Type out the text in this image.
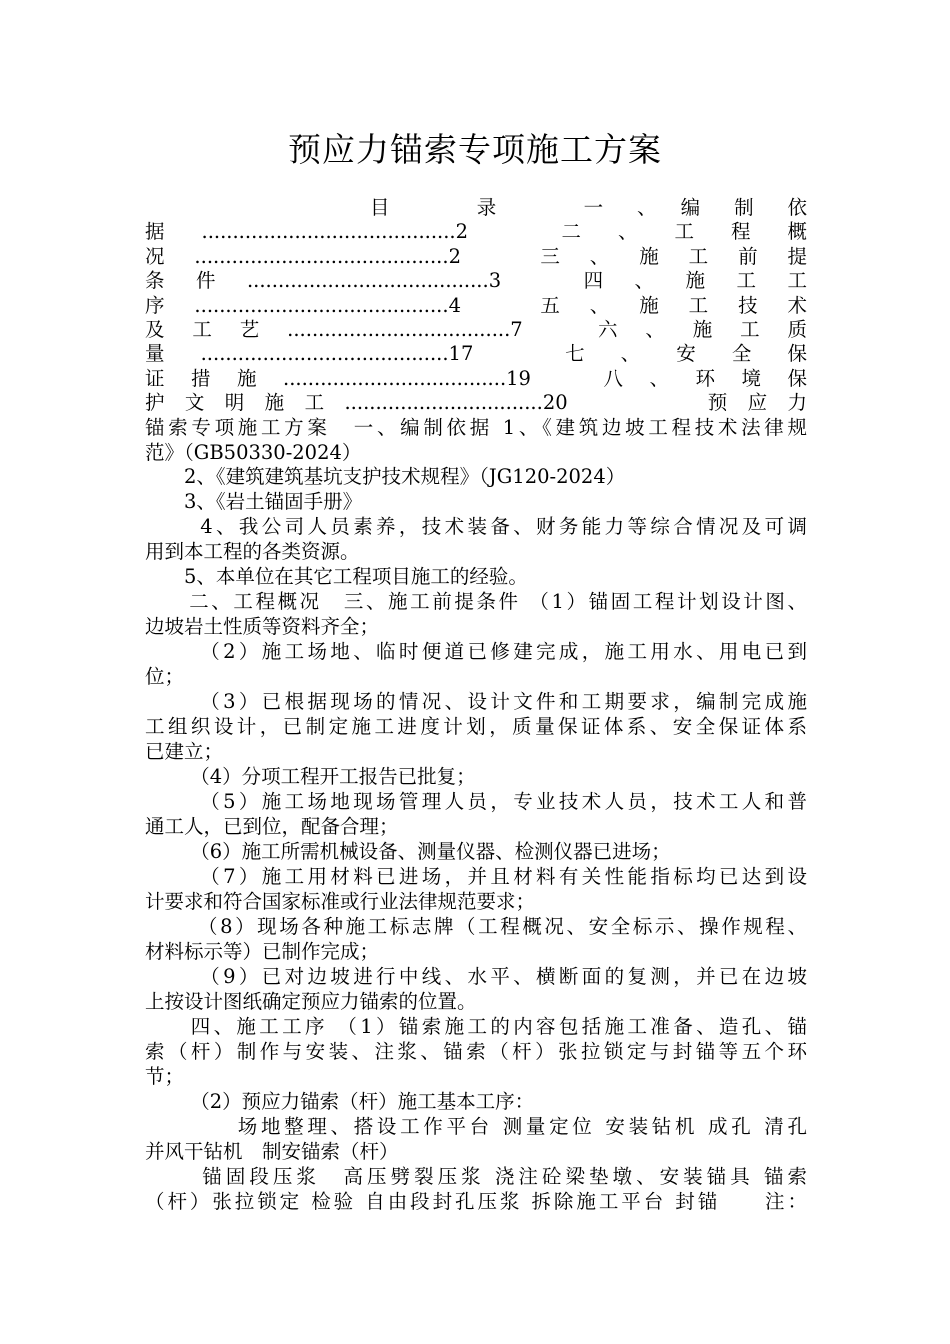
预应力锚索专项施工方案
目　　　录　　　一　、　编　制　依
据.........................................2　二、工程概
况.........................................2　三、施工前提
条件.......................................3　四、施工工
序.........................................4　五、施工技术
及工艺....................................7　六、施工质
量........................................17　七、安全保
证措施....................................19　八、环境保
护文明施工................................20　　　预应力
锚索专项施工方案　一、编制依据 1、《建筑边坡工程技术法律规
范》（GB50330-2024）
　　2、《建筑建筑基坑支护技术规程》（JG120-2024）
　　3、《岩土锚固手册》
　　 4、我公司人员素养，技术装备、财务能力等综合情况及可调
用到本工程的各类资源。
　　5、本单位在其它工程项目施工的经验。
　　二、工程概况　三、施工前提条件 （1）锚固工程计划设计图、
边坡岩土性质等资料齐全；
　　 （2）施工场地、临时便道已修建完成，施工用水、用电已到
位；
　　 （3）已根据现场的情况、设计文件和工期要求，编制完成施
工组织设计，已制定施工进度计划，质量保证体系、安全保证体系
已建立；
　　 （4）分项工程开工报告已批复；
　　 （5）施工场地现场管理人员，专业技术人员，技术工人和普
通工人，已到位，配备合理；
　　 （6）施工所需机械设备、测量仪器、检测仪器已进场；
　　 （7）施工用材料已进场，并且材料有关性能指标均已达到设
计要求和符合国家标准或行业法律规范要求；
　　 （8）现场各种施工标志牌（工程概况、安全标示、操作规程、
材料标示等）已制作完成；
　　 （9）已对边坡进行中线、水平、横断面的复测，并已在边坡
上按设计图纸确定预应力锚索的位置。
　　四、施工工序 （1）锚索施工的内容包括施工准备、造孔、锚
索（杆）制作与安装、注浆、锚索（杆）张拉锁定与封锚等五个环
节；
　　 （2）预应力锚索（杆）施工基本工序：
　　　　场地整理、搭设工作平台 测量定位 安装钻机 成孔 清孔
并风干钻机　制安锚索（杆）
　　 锚固段压浆　高压劈裂压浆 浇注砼梁垫墩、安装锚具 锚索
（杆）张拉锁定 检验 自由段封孔压浆 拆除施工平台 封锚　　注：
